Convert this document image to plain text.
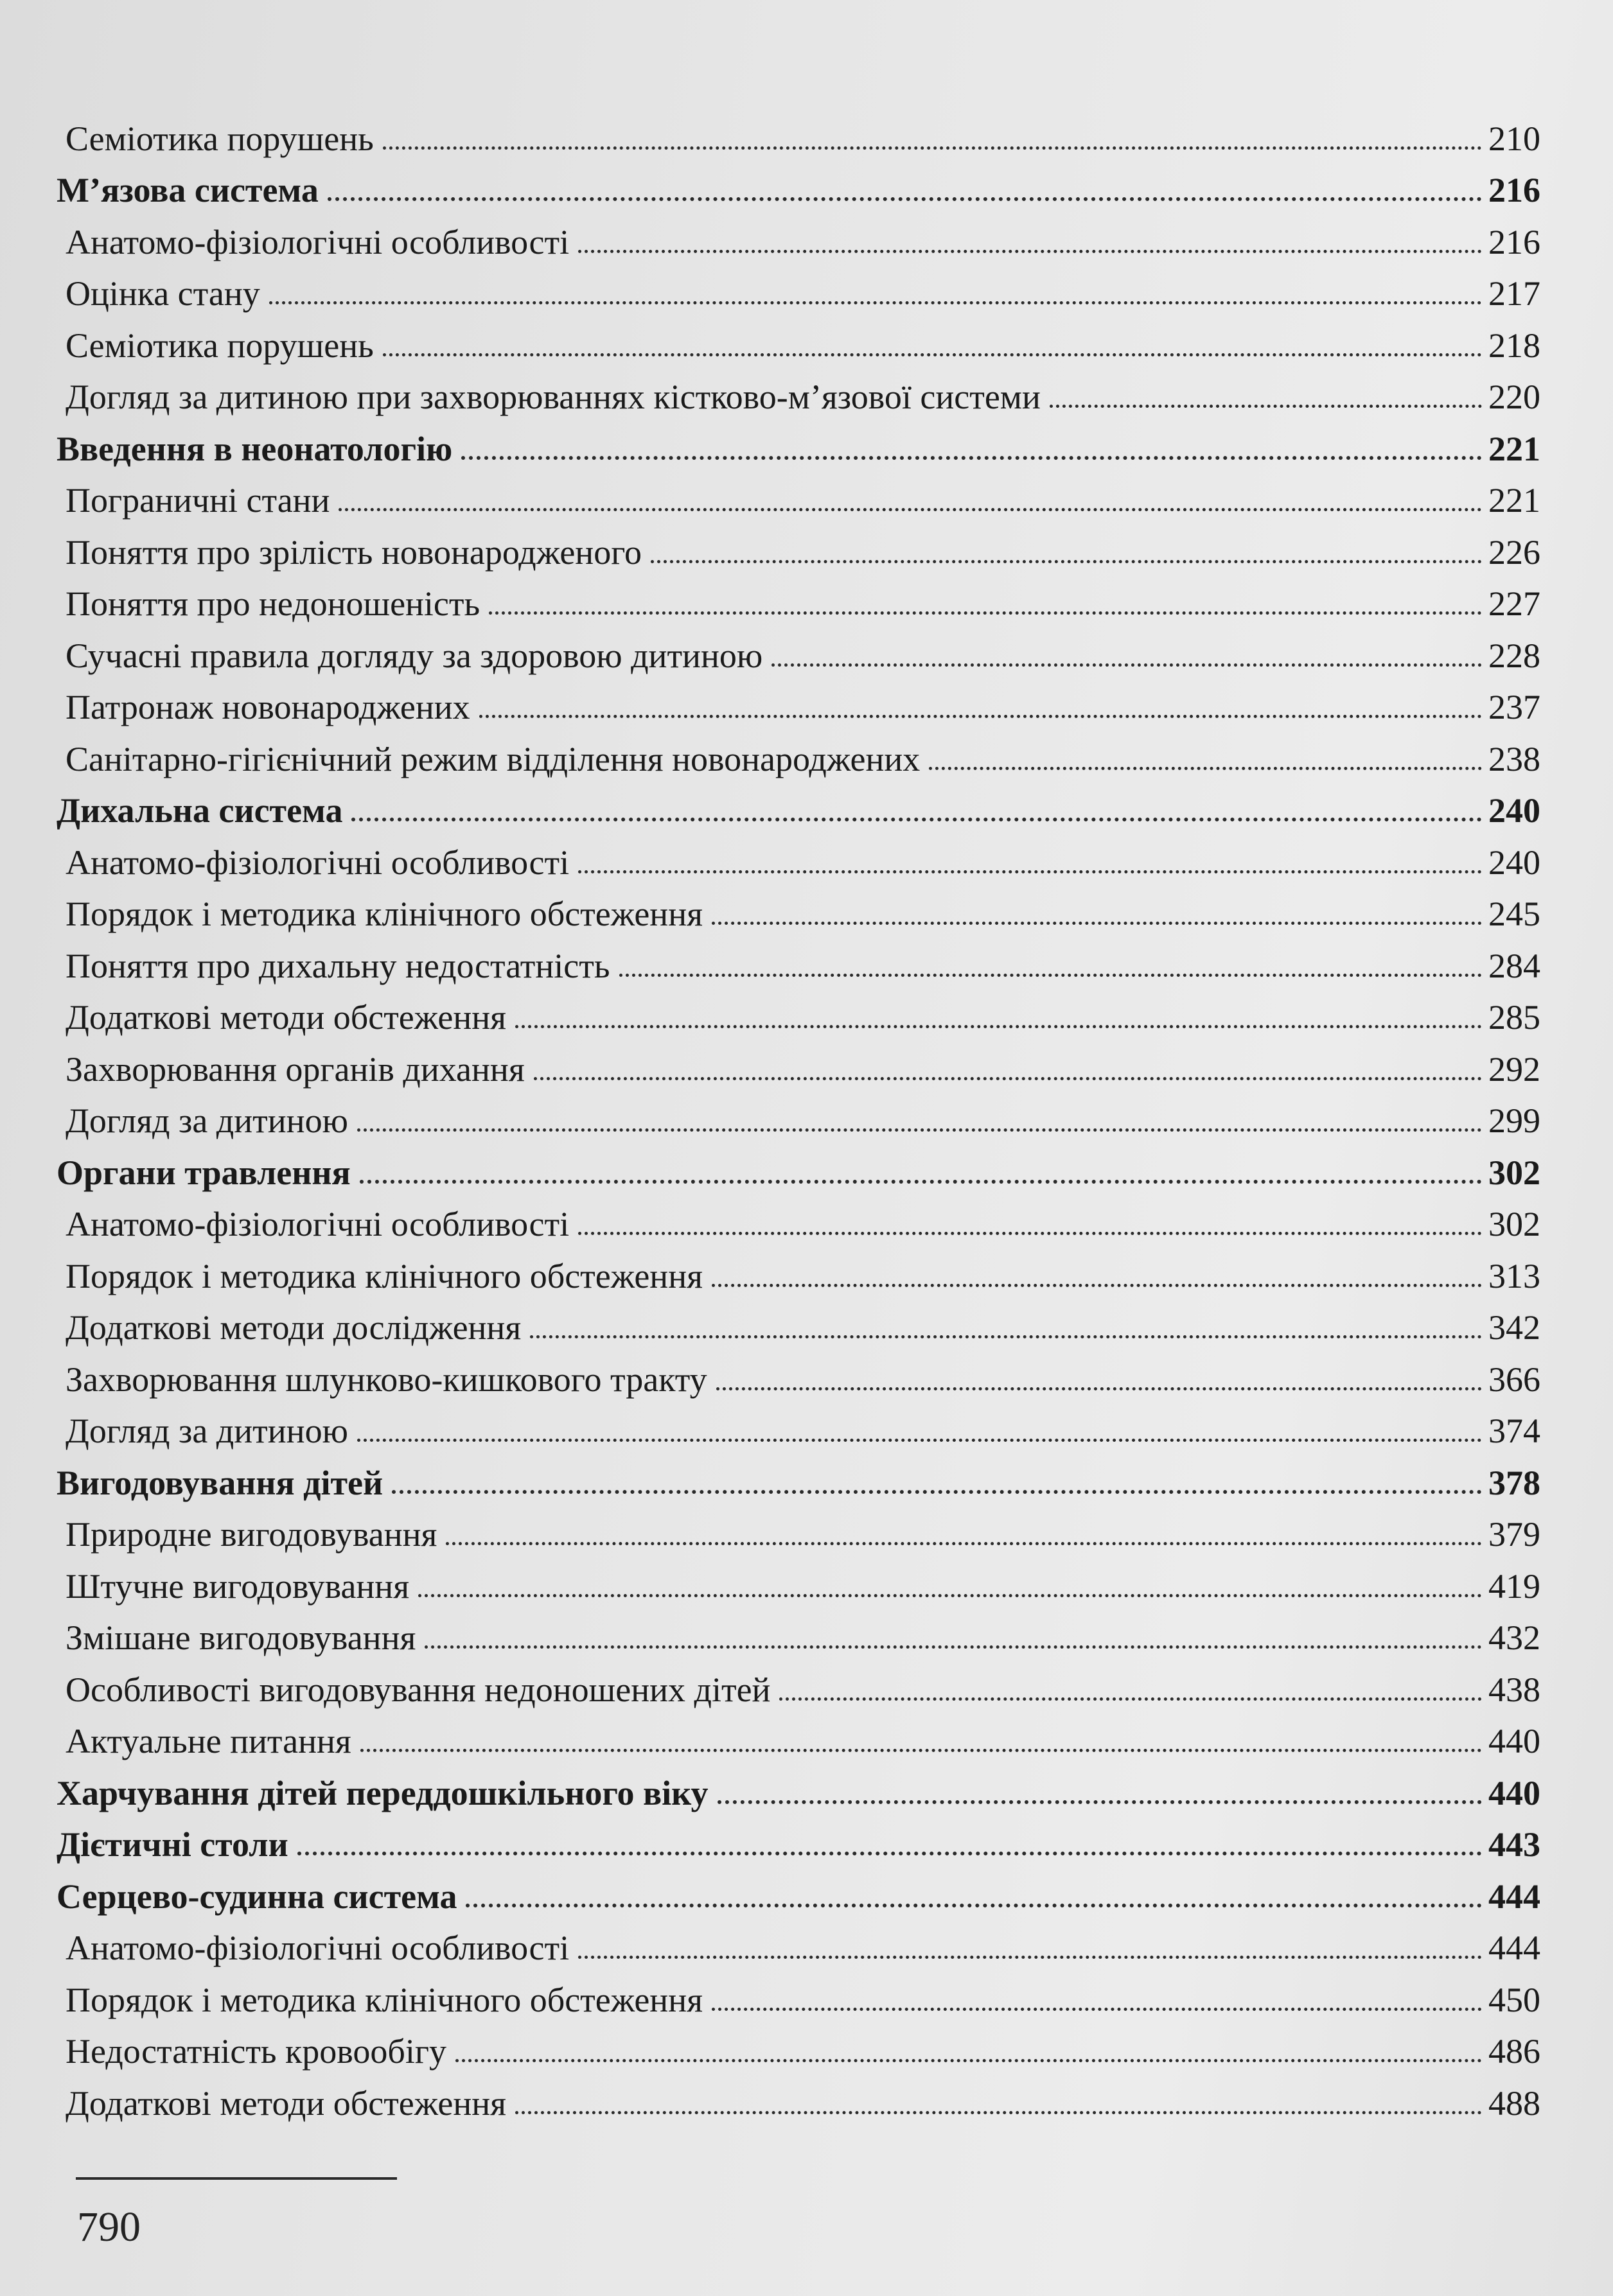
Семіотика порушень	210
М’язова система	216
Анатомо-фізіологічні особливості	216
Оцінка стану	217
Семіотика порушень	218
Догляд за дитиною при захворюваннях кістково-м’язової системи	220
Введення в неонатологію	221
Пограничні стани	221
Поняття про зрілість новонародженого	226
Поняття про недоношеність	227
Сучасні правила догляду за здоровою дитиною	228
Патронаж новонароджених	237
Санітарно-гігієнічний режим відділення новонароджених	238
Дихальна система	240
Анатомо-фізіологічні особливості	240
Порядок і методика клінічного обстеження	245
Поняття про дихальну недостатність	284
Додаткові методи обстеження	285
Захворювання органів дихання	292
Догляд за дитиною	299
Органи травлення	302
Анатомо-фізіологічні особливості	302
Порядок і методика клінічного обстеження	313
Додаткові методи дослідження	342
Захворювання шлунково-кишкового тракту	366
Догляд за дитиною	374
Вигодовування дітей	378
Природне вигодовування	379
Штучне вигодовування	419
Змішане вигодовування	432
Особливості вигодовування недоношених дітей	438
Актуальне питання	440
Харчування дітей переддошкільного віку	440
Дієтичні столи	443
Серцево-судинна система	444
Анатомо-фізіологічні особливості	444
Порядок і методика клінічного обстеження	450
Недостатність кровообігу	486
Додаткові методи обстеження	488
790
